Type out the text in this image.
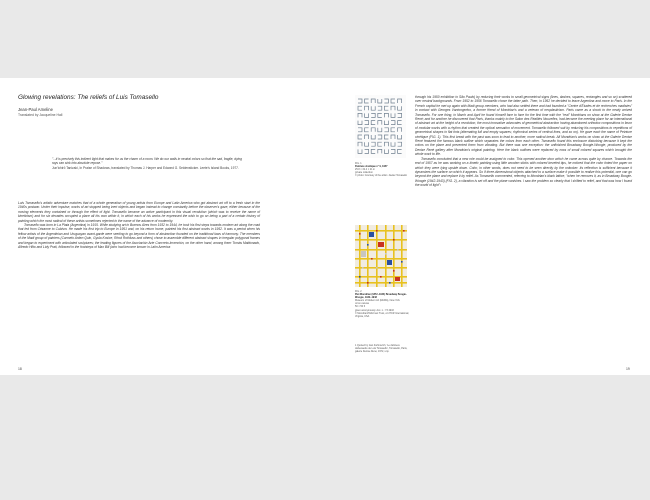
Glowing revelations: The reliefs of Luis Tomasello
Jean-Paul Ameline
Translated by Jacqueline Hall
"...it is precisely this indirect light that makes for us the charm of a room. We do our walls in neutral colors so that the sad, fragile, dying rays can sink into absolute repose."
Jun'ichirō Tanizaki, In Praise of Shadows, translated by Thomas J. Harper and Edward G. Seidensticker. Leete's Island Books, 1977.

Luis Tomasello's artistic adventure matches that of a whole generation of young artists from Europe and Latin America who got abstract art off to a fresh start in the 1940s postwar. Under their impulse, works of art stopped being inert objects and began instead to change constantly before the observer's gaze, either because of the moving elements they contained or through the effect of light. Tomasello became an active participant in this visual revolution (which was to receive the name of kineticism) and for six decades occupied a place all his own within it, in which each of his works he expressed the wish to go on being a part of a certain history of painting which the most radical of these artists sometimes rejected in the name of the advance of modernity.

Tomasello was born in La Plata (Argentina) in 1915. While studying art in Buenos Aires from 1932 to 1944, he took his first steps towards modern art along the road that led from Cézanne to Cubism. He made his first trip to Europe in 1951 and, on his return home, painted his first abstract works in 1952. It was a period when his fellow artists of the Argentinian and Uruguayan avant-garde were seeking to go beyond a form of abstraction founded on the traditional laws of harmony. The members of the Madi group of painters (Carmelo Arden Quin, Gyula Kosice, Rhod Rothfuss and others) chose to assemble different abstract shapes in irregular polygonal frames and began to experiment with articulated sculptures; the leading figures of the Asociación Arte Concreto-Invención, on the other hand, among them Tomás Maldonado, Alfredo Hlito and Lídy Prati, followed in the footsteps of Max Bill (who had become known in Latin America

FIG. 1
Peinture cinétique n° 9, 1957
25.8 × 32.4 × 21 in
private collection
© photo: Courtesy of the artist • Atelier Tomasello
FIG. 2
Piet Mondrian (1872–1944) Broadway Boogie-Woogie, 1942–1943
Museum of Modern Art (MoMA), New York
oil on canvas
50 × 50 ft
given anonymously. Acc. n.: 73.1943
© Mondrian/Holtzman Trust, c/o HCR International, Virginia, USA
1 Quoted by Ivan Furlinovich, 'Le délicieux dodecaedre de Luis Tomasello', Tomasello, Paris, galerie Denise René, 1972, unp.

through his 1950 exhibition in São Paulo) by reducing their works to small geometrical signs (lines, dashes, squares, rectangles and so on) scattered over neutral backgrounds. From 1952 to 1956 Tomasello chose the latter path. Then, in 1952 he decided to leave Argentina and move to Paris. In the French capital he met up again with Madi group members, who had also settled there and had founded a "Centre d'Études et de recherches madistes" in contact with Georges Vantongerloo, a former friend of Mondrian's and a veteran of neoplasticism. Paris came as a shock to the newly arrived Tomasello. For one thing, in March and April he found himself face to face for the first time with the "real" Mondrians on show at the Galerie Denise René; and for another he discovered that Paris, thanks mainly to the Salon des Réalités Nouvelles, had become the meeting place for an international of abstract art at the height of a revolution, the most innovative advocates of geometrical abstraction having abandoned orthodox compositions in favor of modular works with a rhythm that created the optical sensation of movement. Tomasello followed suit by reducing his compositions to repetitions of geometrical shapes in flat tints (alternating full and empty squares; rhythmical series of vertical lines, and so on). He gave each the name of Peinture cinétique (FIG. 1). This first break with the past was soon to lead to another, more radical break. All Mondrian's works on show at the Galerie Denise René featured the famous black outline which separates the colors from each other. Tomasello found this enclosure disturbing because it kept the colors on the plane and prevented them from vibrating. But there was one exception: the unfinished Broadway Boogie-Woogie, produced by the Denise René gallery after Mondrian's original painting. Here the black outlines were replaced by rows of small colored squares which brought the whole work to life.

Tomasello concluded that a new role could be assigned to color. This opened another door which he came across quite by chance. Towards the end of 1957 as he was working on a kinetic painting using little wooden sticks with colored beveled tips, he noticed that the color tinted the paper on which they were lying upside down. Color, in other words, does not need to be seen directly by the onlooker. Its reflection is sufficient because it dynamizes the surface on which it appears. So if three-dimensional objects attached to a surface make it possible to realize this potential, one can go beyond the plane and replace it by relief. As Tomasello commented, referring to Mondrian's black lattice, "when he removes it, as in Broadway Boogie-Woogie (1942-1943) (FIG. 2), a vibration is set off and the plane vanishes. I saw the problem so clearly that I shifted to relief, and that was how I found the world of light"¹

18	19
